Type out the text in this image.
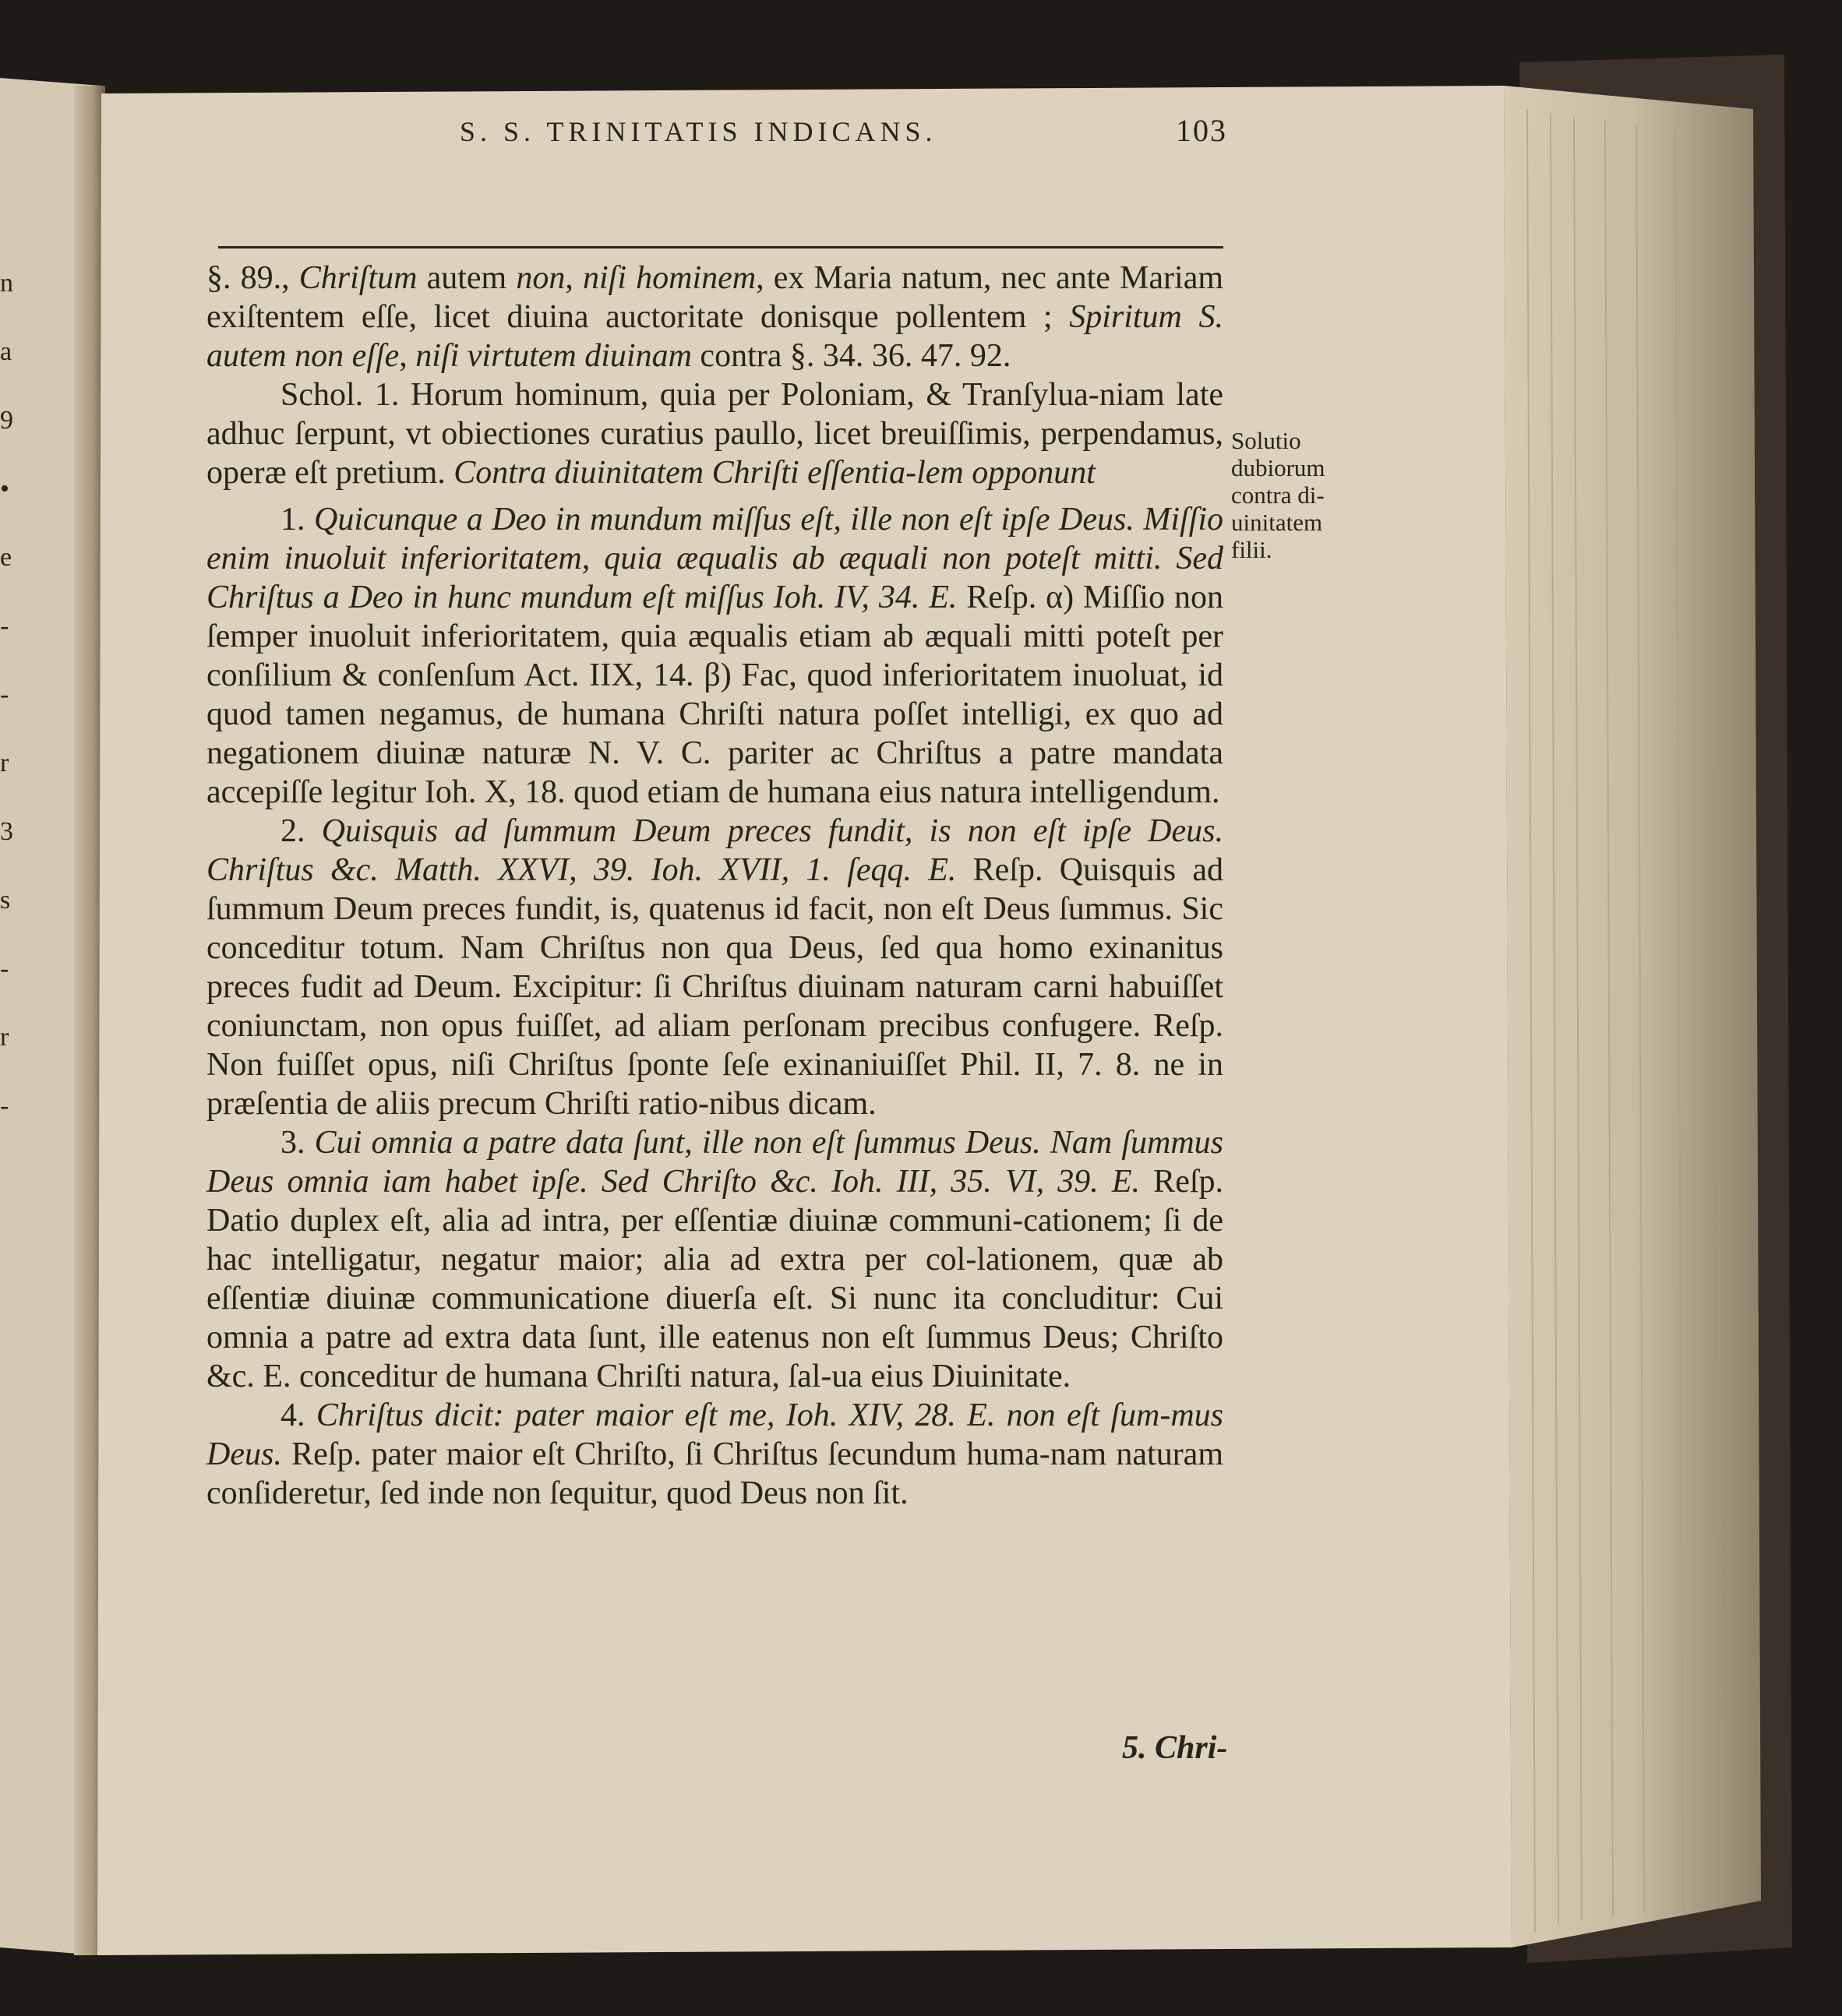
n
a
9
•
e
-
-
r
3
s
-
r
-
S. S. TRINITATIS INDICANS.	103

§. 89., Chriſtum autem non, niſi hominem, ex Maria natum, nec ante Mariam exiſtentem eſſe, licet diuina auctoritate donisque pollentem ; Spiritum S. autem non eſſe, niſi virtutem diuinam contra §. 34. 36. 47. 92.

Schol. 1. Horum hominum, quia per Poloniam, & Tranſylua-niam late adhuc ſerpunt, vt obiectiones curatius paullo, licet breuiſſimis, perpendamus, operæ eſt pretium. Contra diuinitatem Chriſti eſſentia-lem opponunt

1. Quicunque a Deo in mundum miſſus eſt, ille non eſt ipſe Deus. Miſſio enim inuoluit inferioritatem, quia æqualis ab æquali non poteſt mitti. Sed Chriſtus a Deo in hunc mundum eſt miſſus Ioh. IV, 34. E. Reſp. α) Miſſio non ſemper inuoluit inferioritatem, quia æqualis etiam ab æquali mitti poteſt per conſilium & conſenſum Act. IIX, 14. β) Fac, quod inferioritatem inuoluat, id quod tamen negamus, de humana Chriſti natura poſſet intelligi, ex quo ad negationem diuinæ naturæ N. V. C. pariter ac Chriſtus a patre mandata accepiſſe legitur Ioh. X, 18. quod etiam de humana eius natura intelligendum.

2. Quisquis ad ſummum Deum preces fundit, is non eſt ipſe Deus. Chriſtus &c. Matth. XXVI, 39. Ioh. XVII, 1. ſeqq. E. Reſp. Quisquis ad ſummum Deum preces fundit, is, quatenus id facit, non eſt Deus ſummus. Sic conceditur totum. Nam Chriſtus non qua Deus, ſed qua homo exinanitus preces fudit ad Deum. Excipitur: ſi Chriſtus diuinam naturam carni habuiſſet coniunctam, non opus fuiſſet, ad aliam perſonam precibus confugere. Reſp. Non fuiſſet opus, niſi Chriſtus ſponte ſeſe exinaniuiſſet Phil. II, 7. 8. ne in præſentia de aliis precum Chriſti ratio-nibus dicam.

3. Cui omnia a patre data ſunt, ille non eſt ſummus Deus. Nam ſummus Deus omnia iam habet ipſe. Sed Chriſto &c. Ioh. III, 35. VI, 39. E. Reſp. Datio duplex eſt, alia ad intra, per eſſentiæ diuinæ communi-cationem; ſi de hac intelligatur, negatur maior; alia ad extra per col-lationem, quæ ab eſſentiæ diuinæ communicatione diuerſa eſt. Si nunc ita concluditur: Cui omnia a patre ad extra data ſunt, ille eatenus non eſt ſummus Deus; Chriſto &c. E. conceditur de humana Chriſti natura, ſal-ua eius Diuinitate.

4. Chriſtus dicit: pater maior eſt me, Ioh. XIV, 28. E. non eſt ſum-mus Deus. Reſp. pater maior eſt Chriſto, ſi Chriſtus ſecundum huma-nam naturam conſideretur, ſed inde non ſequitur, quod Deus non ſit.

Solutio
dubiorum
contra di-
uinitatem
filii.
5. Chri-
